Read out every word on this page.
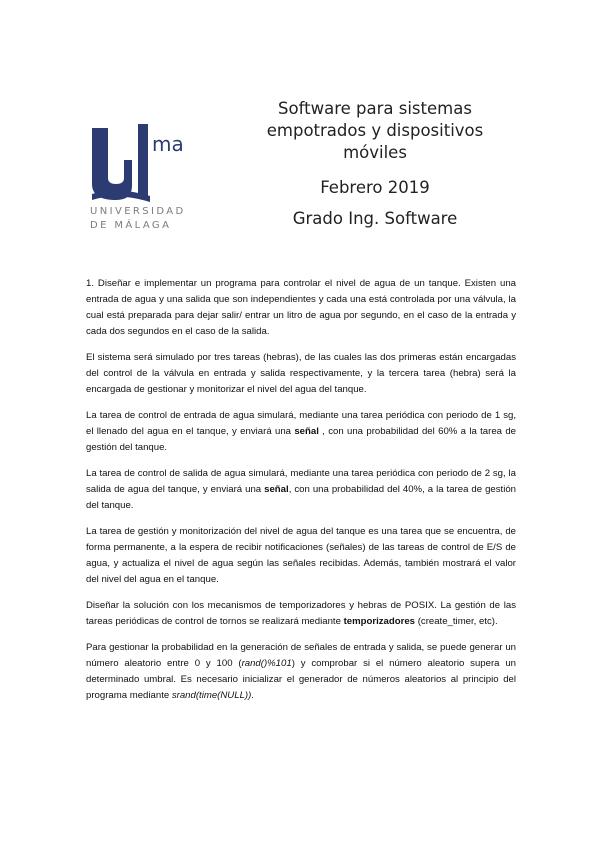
ma
UNIVERSIDAD
DE MÁLAGA
Software para sistemas
empotrados y dispositivos
móviles
Febrero 2019
Grado Ing. Software

1. Diseñar e implementar un programa para controlar el nivel de agua de un tanque. Existen una entrada de agua y una salida que son independientes y cada una está controlada por una válvula, la cual está preparada para dejar salir/ entrar un litro de agua por segundo, en el caso de la entrada y cada dos segundos en el caso de la salida.

El sistema será simulado por tres tareas (hebras), de las cuales las dos primeras están encargadas del control de la válvula en entrada y salida respectivamente, y la tercera tarea (hebra) será la encargada de gestionar y monitorizar el nivel del agua del tanque.

La tarea de control de entrada de agua simulará, mediante una tarea periódica con periodo de 1 sg, el llenado del agua en el tanque, y enviará una señal , con una probabilidad del 60% a la tarea de gestión del tanque.

La tarea de control de salida de agua simulará, mediante una tarea periódica con periodo de 2 sg, la salida de agua del tanque, y enviará una señal, con una probabilidad del 40%, a la tarea de gestión del tanque.

La tarea de gestión y monitorización del nivel de agua del tanque es una tarea que se encuentra, de forma permanente, a la espera de recibir notificaciones (señales) de las tareas de control de E/S de agua, y actualiza el nivel de agua según las señales recibidas. Además, también mostrará el valor del nivel del agua en el tanque.

Diseñar la solución con los mecanismos de temporizadores y hebras de POSIX. La gestión de las tareas periódicas de control de tornos se realizará mediante temporizadores (create_timer, etc).

Para gestionar la probabilidad en la generación de señales de entrada y salida, se puede generar un número aleatorio entre 0 y 100 (rand()%101) y comprobar si el número aleatorio supera un determinado umbral. Es necesario inicializar el generador de números aleatorios al principio del programa mediante srand(time(NULL)).
